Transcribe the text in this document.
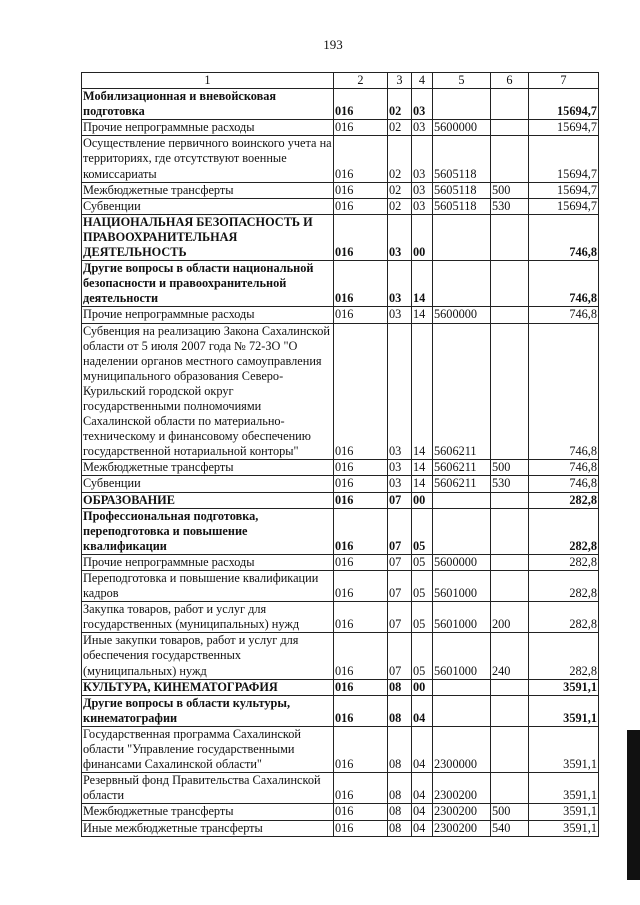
193
1	2	3	4	5	6	7
Мобилизационная и вневойсковая подготовка	016	02	03			15694,7
Прочие непрограммные расходы	016	02	03	5600000		15694,7
Осуществление первичного воинского учета на территориях, где отсутствуют военные комиссариаты	016	02	03	5605118		15694,7
Межбюджетные трансферты	016	02	03	5605118	500	15694,7
Субвенции	016	02	03	5605118	530	15694,7
НАЦИОНАЛЬНАЯ БЕЗОПАСНОСТЬ И ПРАВООХРАНИТЕЛЬНАЯ ДЕЯТЕЛЬНОСТЬ	016	03	00			746,8
Другие вопросы в области национальной безопасности и правоохранительной деятельности	016	03	14			746,8
Прочие непрограммные расходы	016	03	14	5600000		746,8
Субвенция на реализацию Закона Сахалинской области от 5 июля 2007 года № 72-ЗО "О наделении органов местного самоуправления муниципального образования Северо-Курильский городской округ государственными полномочиями Сахалинской области по материально-техническому и финансовому обеспечению государственной нотариальной конторы"	016	03	14	5606211		746,8
Межбюджетные трансферты	016	03	14	5606211	500	746,8
Субвенции	016	03	14	5606211	530	746,8
ОБРАЗОВАНИЕ	016	07	00			282,8
Профессиональная подготовка, переподготовка и повышение квалификации	016	07	05			282,8
Прочие непрограммные расходы	016	07	05	5600000		282,8
Переподготовка и повышение квалификации кадров	016	07	05	5601000		282,8
Закупка товаров, работ и услуг для государственных (муниципальных) нужд	016	07	05	5601000	200	282,8
Иные закупки товаров, работ и услуг для обеспечения государственных (муниципальных) нужд	016	07	05	5601000	240	282,8
КУЛЬТУРА, КИНЕМАТОГРАФИЯ	016	08	00			3591,1
Другие вопросы в области культуры, кинематографии	016	08	04			3591,1
Государственная программа Сахалинской области "Управление государственными финансами Сахалинской области"	016	08	04	2300000		3591,1
Резервный фонд Правительства Сахалинской области	016	08	04	2300200		3591,1
Межбюджетные трансферты	016	08	04	2300200	500	3591,1
Иные межбюджетные трансферты	016	08	04	2300200	540	3591,1
